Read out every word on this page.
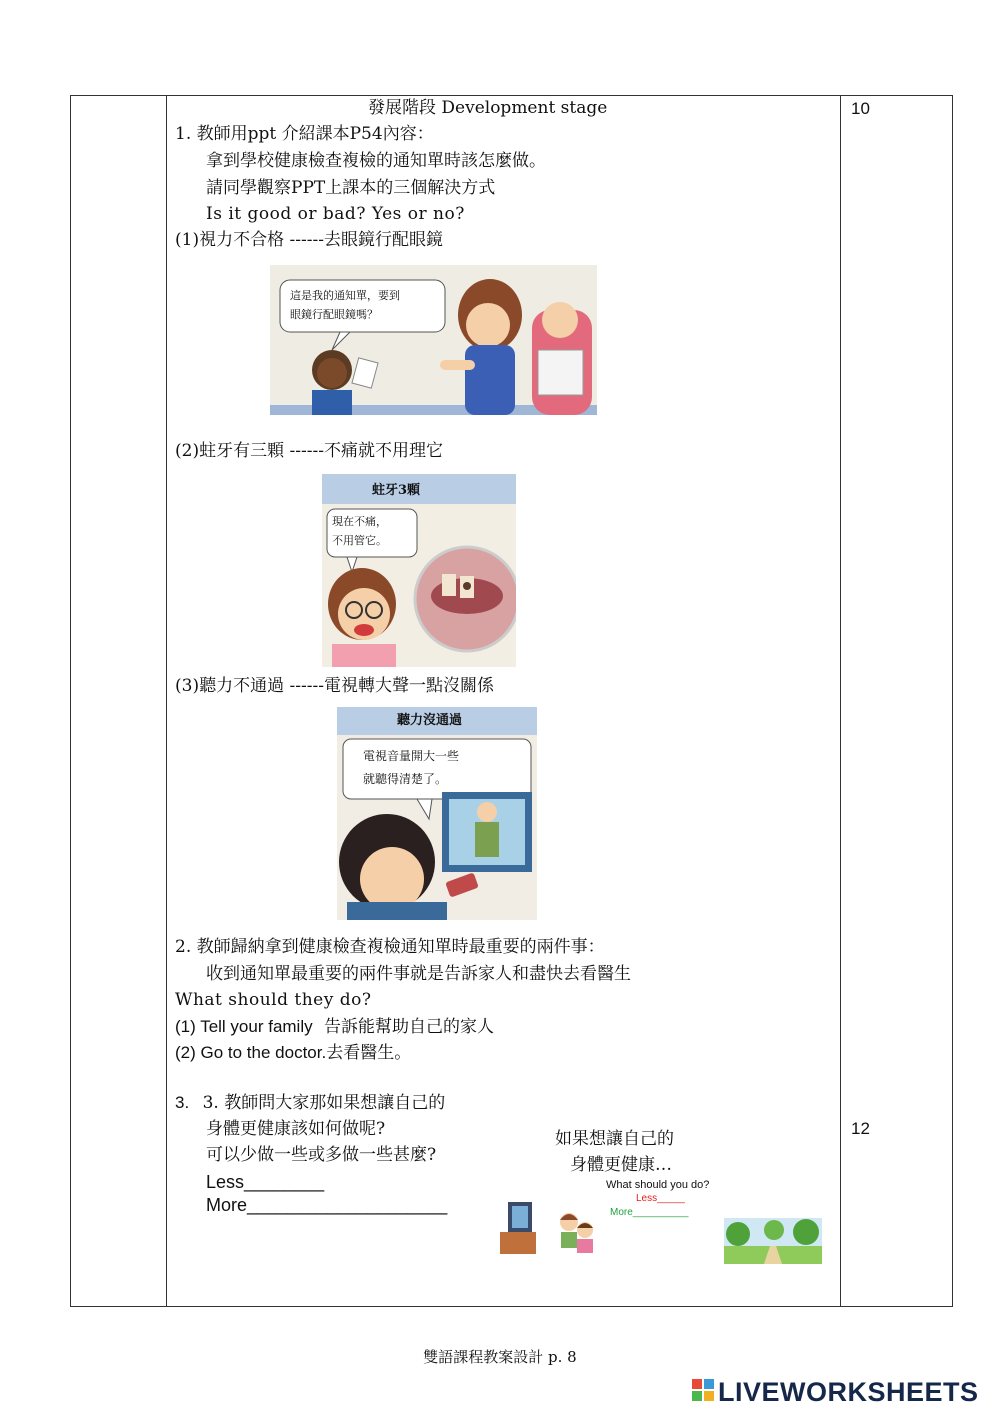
發展階段 Development stage	10
12
1. 教師用ppt 介紹課本P54內容：
拿到學校健康檢查複檢的通知單時該怎麼做。
請同學觀察PPT上課本的三個解決方式
Is it good or bad? Yes or no?
(1)視力不合格 ------去眼鏡行配眼鏡
這是我的通知單，要到
眼鏡行配眼鏡嗎？
(2)蛀牙有三顆 ------不痛就不用理它
蛀牙3顆
現在不痛，
不用管它。
(3)聽力不通過 ------電視轉大聲一點沒關係
聽力沒通過
電視音量開大一些
就聽得清楚了。
2. 教師歸納拿到健康檢查複檢通知單時最重要的兩件事：
收到通知單最重要的兩件事就是告訴家人和盡快去看醫生
What should they do?
(1) Tell your family 告訴能幫助自己的家人
(2) Go to the doctor.去看醫生。
3. 3. 教師問大家那如果想讓自己的
身體更健康該如何做呢?
可以少做一些或多做一些甚麼?
Less________
More____________________
如果想讓自己的
身體更健康…
What should you do?
Less_____
More__________
雙語課程教案設計 p. 8
LIVEWORKSHEETS
